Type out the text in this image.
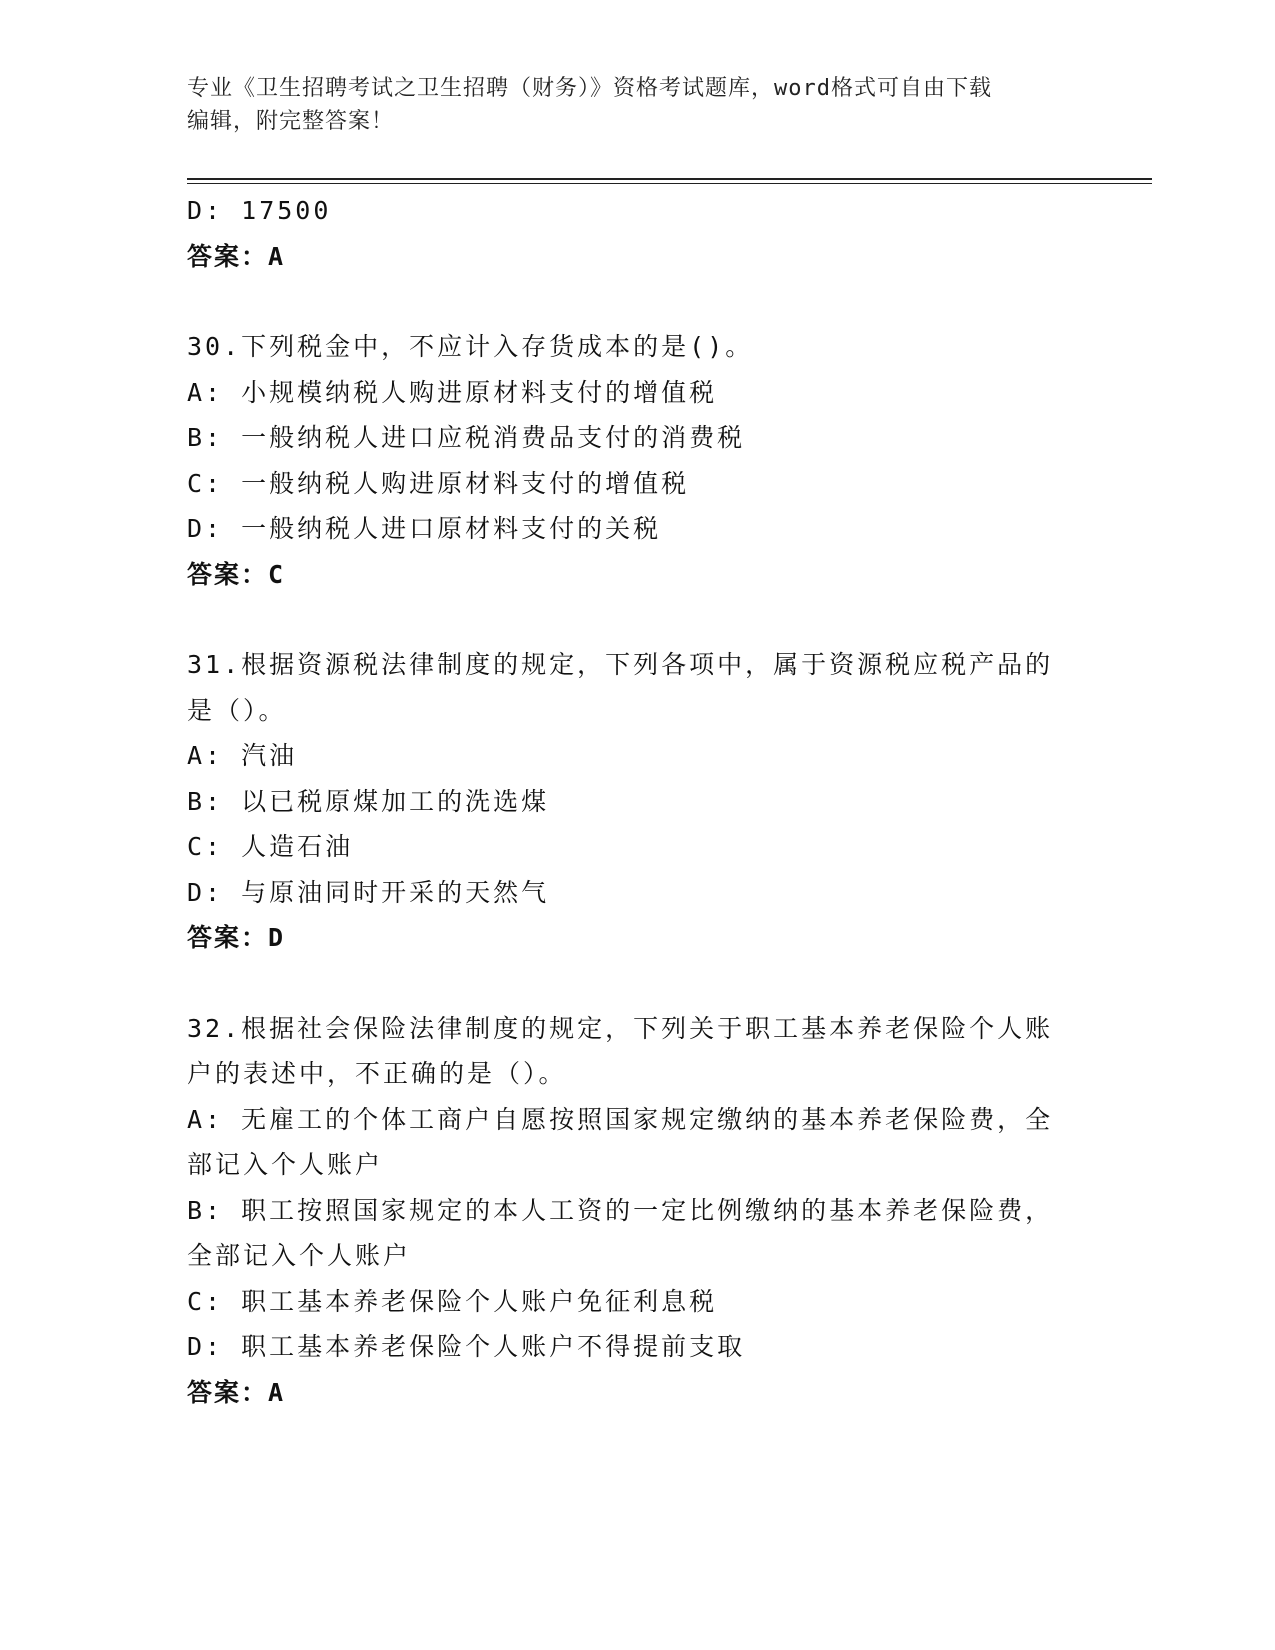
专业《卫生招聘考试之卫生招聘（财务）》资格考试题库，word格式可自由下载
编辑，附完整答案！

D: 17500

答案：A

30.下列税金中，不应计入存货成本的是()。

A: 小规模纳税人购进原材料支付的增值税

B: 一般纳税人进口应税消费品支付的消费税

C: 一般纳税人购进原材料支付的增值税

D: 一般纳税人进口原材料支付的关税

答案：C

31.根据资源税法律制度的规定，下列各项中，属于资源税应税产品的

是（）。

A: 汽油

B: 以已税原煤加工的洗选煤

C: 人造石油

D: 与原油同时开采的天然气

答案：D

32.根据社会保险法律制度的规定，下列关于职工基本养老保险个人账

户的表述中，不正确的是（）。

A: 无雇工的个体工商户自愿按照国家规定缴纳的基本养老保险费，全

部记入个人账户

B: 职工按照国家规定的本人工资的一定比例缴纳的基本养老保险费，

全部记入个人账户

C: 职工基本养老保险个人账户免征利息税

D: 职工基本养老保险个人账户不得提前支取

答案：A
